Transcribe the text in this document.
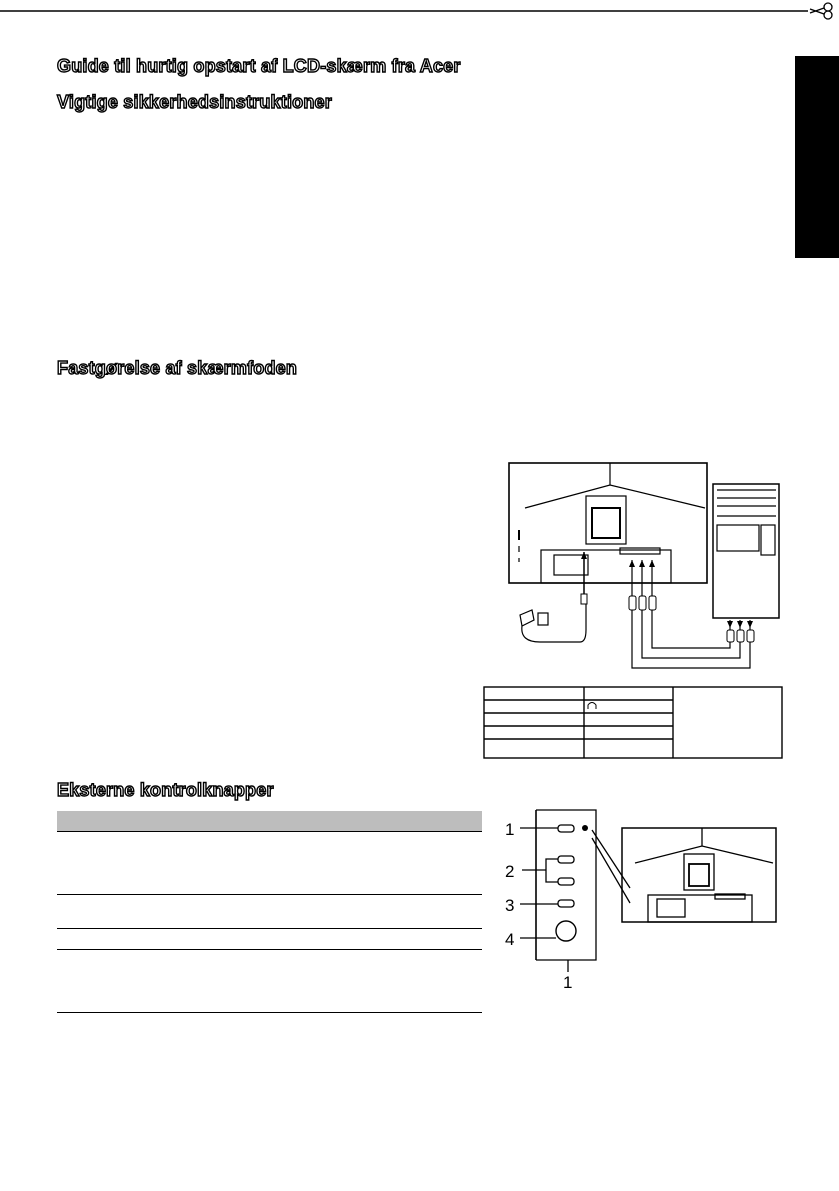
Guide til hurtig opstart af LCD-skærm fra Acer
Vigtige sikkerhedsinstruktioner
Fastgørelse af skærmfoden
Eksterne kontrolknapper
1
2
3
4
1
